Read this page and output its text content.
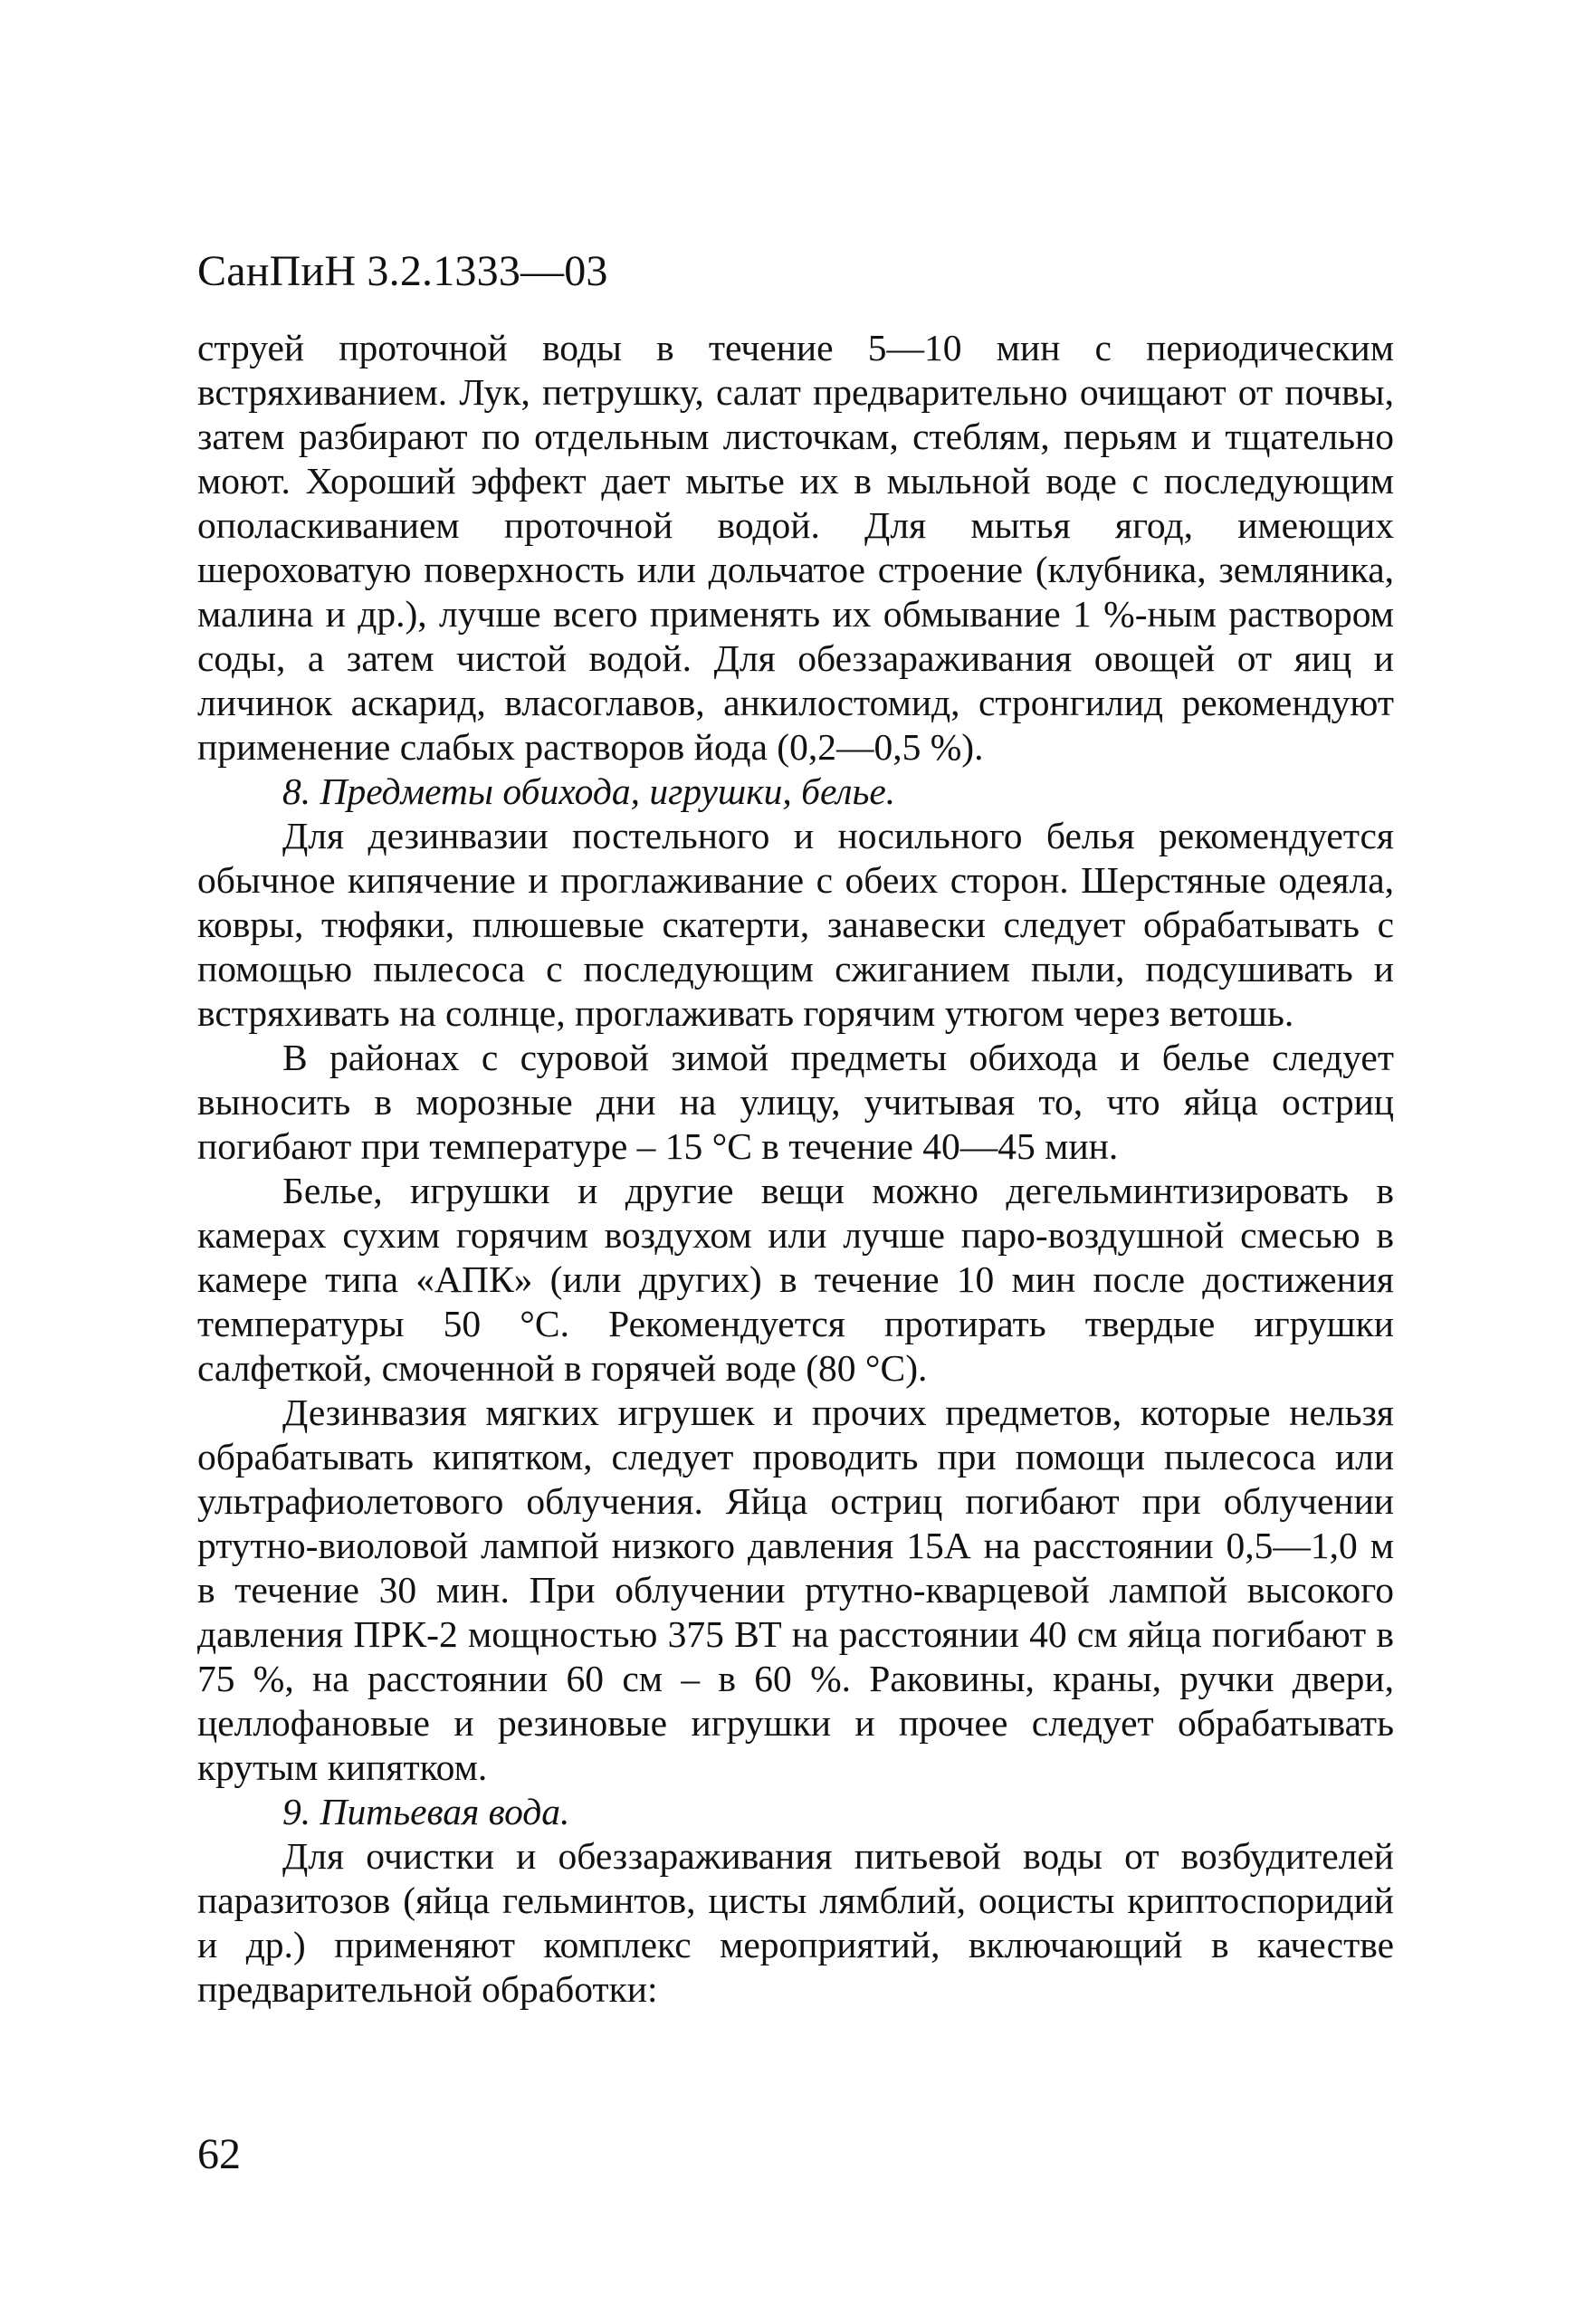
СанПиН 3.2.1333—03

струей проточной воды в течение 5—10 мин с периодическим встряхиванием. Лук, петрушку, салат предварительно очищают от почвы, затем разбирают по отдельным листочкам, стеблям, перьям и тщательно моют. Хороший эффект дает мытье их в мыльной воде с последующим ополаскиванием проточной водой. Для мытья ягод, имеющих шероховатую поверхность или дольчатое строение (клубника, земляника, малина и др.), лучше всего применять их обмывание 1 %-ным раствором соды, а затем чистой водой. Для обеззараживания овощей от яиц и личинок аскарид, власоглавов, анкилостомид, стронгилид рекомендуют применение слабых растворов йода (0,2—0,5 %).

8. Предметы обихода, игрушки, белье.

Для дезинвазии постельного и носильного белья рекомендуется обычное кипячение и проглаживание с обеих сторон. Шерстяные одеяла, ковры, тюфяки, плюшевые скатерти, занавески следует обрабатывать с помощью пылесоса с последующим сжиганием пыли, подсушивать и встряхивать на солнце, проглаживать горячим утюгом через ветошь.

В районах с суровой зимой предметы обихода и белье следует выносить в морозные дни на улицу, учитывая то, что яйца остриц погибают при температуре – 15 °С в течение 40—45 мин.

Белье, игрушки и другие вещи можно дегельминтизировать в камерах сухим горячим воздухом или лучше паро-воздушной смесью в камере типа «АПК» (или других) в течение 10 мин после достижения температуры 50 °С. Рекомендуется протирать твердые игрушки салфеткой, смоченной в горячей воде (80 °С).

Дезинвазия мягких игрушек и прочих предметов, которые нельзя обрабатывать кипятком, следует проводить при помощи пылесоса или ультрафиолетового облучения. Яйца остриц погибают при облучении ртутно-виоловой лампой низкого давления 15А на расстоянии 0,5—1,0 м в течение 30 мин. При облучении ртутно-кварцевой лампой высокого давления ПРК-2 мощностью 375 ВТ на расстоянии 40 см яйца погибают в 75 %, на расстоянии 60 см – в 60 %. Раковины, краны, ручки двери, целлофановые и резиновые игрушки и прочее следует обрабатывать крутым кипятком.

9. Питьевая вода.

Для очистки и обеззараживания питьевой воды от возбудителей паразитозов (яйца гельминтов, цисты лямблий, ооцисты криптоспоридий и др.) применяют комплекс мероприятий, включающий в качестве предварительной обработки:

62
